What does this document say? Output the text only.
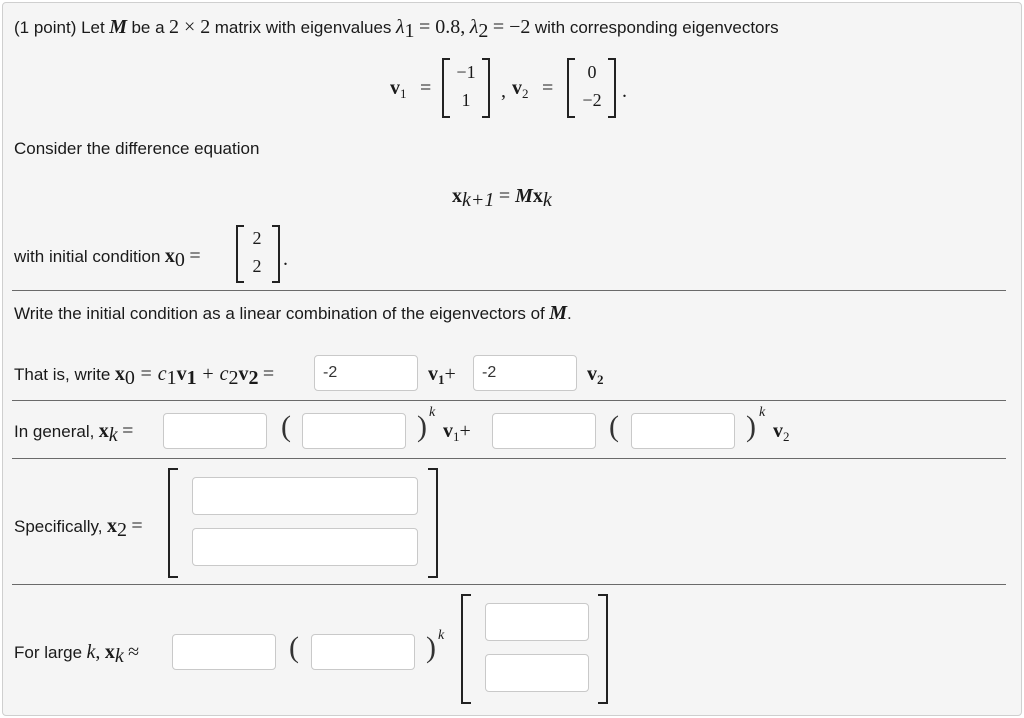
(1 point) Let M be a 2 × 2 matrix with eigenvalues $\lambda_1 = 0.8$, $\lambda_2 = -2$ with corresponding eigenvectors
$v_1$ =
−1
1	, $v_2$ =
0
−2 .
Consider the difference equation
$x_{k+1} = Mx_k$
with initial condition $x_0$ =
2
2	.
Write the initial condition as a linear combination of the eigenvectors of M.
That is, write $x_0 = c_1v_1 + c_2v_2$ =
-2	$v_1+$
-2	$v_2$
In general, $x_k$ =	(	) k
$v_1+$	(	) k
$v_2$
Specifically, $x_2$ =
For large k, $x_k$ ≈	(	) k
